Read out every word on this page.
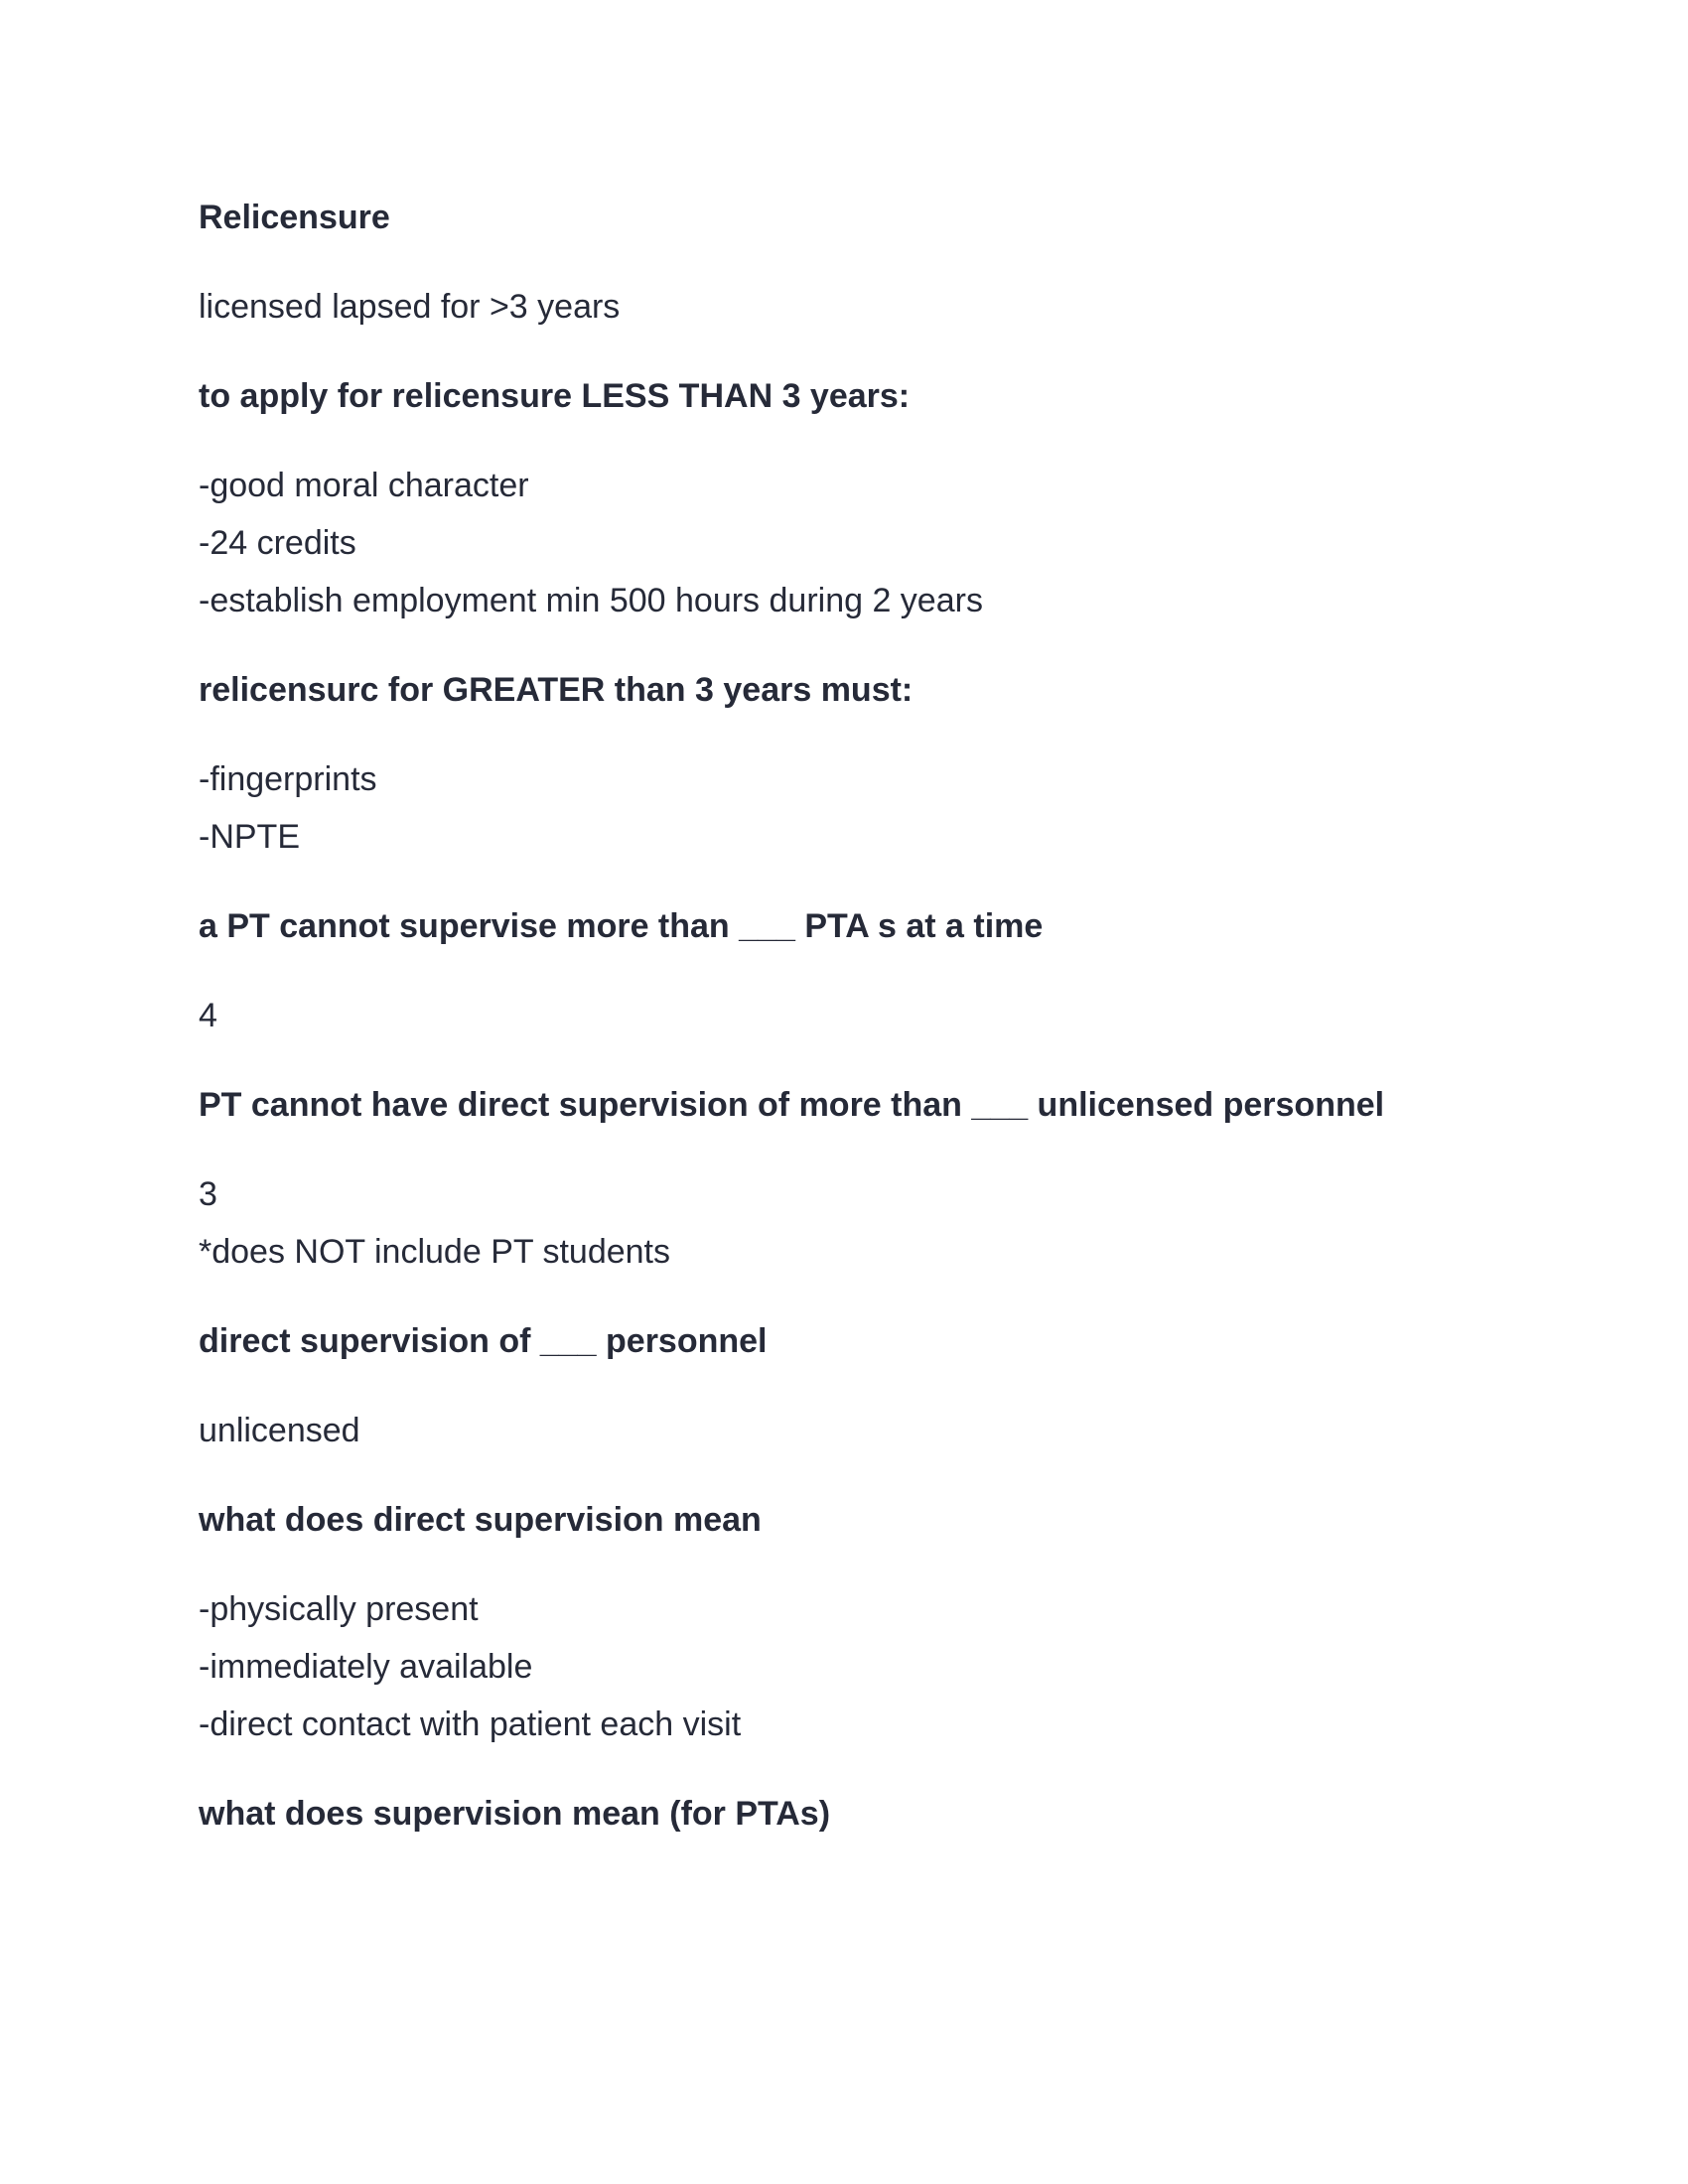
Relicensure
licensed lapsed for >3 years
to apply for relicensure LESS THAN 3 years:
-good moral character
-24 credits
-establish employment min 500 hours during 2 years
relicensurc for GREATER than 3 years must:
-fingerprints
-NPTE
a PT cannot supervise more than ___ PTA s at a time
4
PT cannot have direct supervision of more than ___ unlicensed personnel
3
*does NOT include PT students
direct supervision of ___ personnel
unlicensed
what does direct supervision mean
-physically present
-immediately available
-direct contact with patient each visit
what does supervision mean (for PTAs)
